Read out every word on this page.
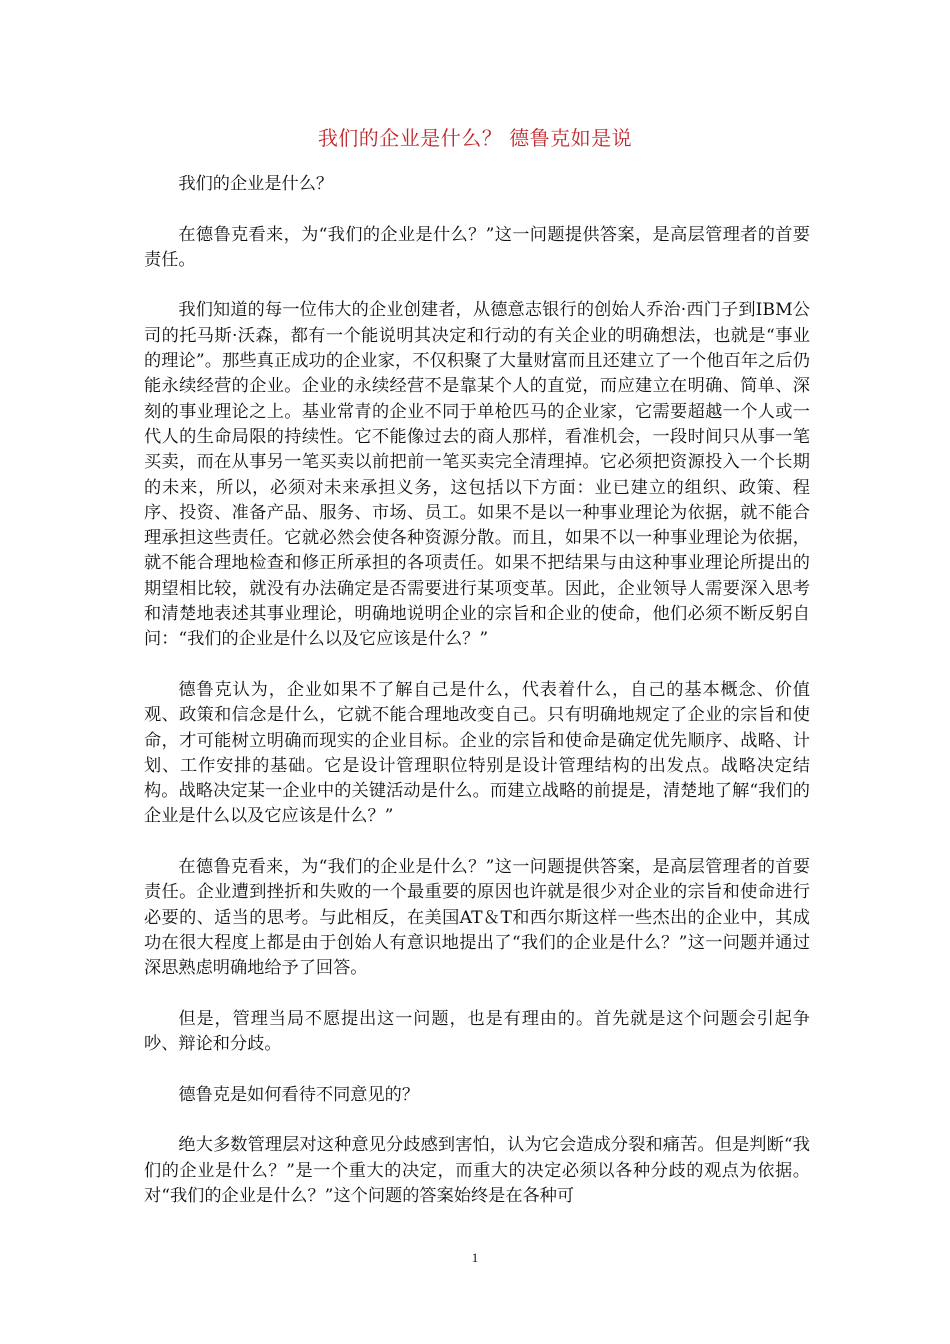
我们的企业是什么？ 德鲁克如是说

我们的企业是什么？

在德鲁克看来，为“我们的企业是什么？”这一问题提供答案，是高层管理者的首要责任。

我们知道的每一位伟大的企业创建者，从德意志银行的创始人乔治·西门子到IBM公司的托马斯·沃森，都有一个能说明其决定和行动的有关企业的明确想法，也就是“事业的理论”。那些真正成功的企业家，不仅积聚了大量财富而且还建立了一个他百年之后仍能永续经营的企业。企业的永续经营不是靠某个人的直觉，而应建立在明确、简单、深刻的事业理论之上。基业常青的企业不同于单枪匹马的企业家，它需要超越一个人或一代人的生命局限的持续性。它不能像过去的商人那样，看准机会，一段时间只从事一笔买卖，而在从事另一笔买卖以前把前一笔买卖完全清理掉。它必须把资源投入一个长期的未来，所以，必须对未来承担义务，这包括以下方面：业已建立的组织、政策、程序、投资、准备产品、服务、市场、员工。如果不是以一种事业理论为依据，就不能合理承担这些责任。它就必然会使各种资源分散。而且，如果不以一种事业理论为依据，就不能合理地检查和修正所承担的各项责任。如果不把结果与由这种事业理论所提出的期望相比较，就没有办法确定是否需要进行某项变革。因此，企业领导人需要深入思考和清楚地表述其事业理论，明确地说明企业的宗旨和企业的使命，他们必须不断反躬自问：“我们的企业是什么以及它应该是什么？”

德鲁克认为，企业如果不了解自己是什么，代表着什么，自己的基本概念、价值观、政策和信念是什么，它就不能合理地改变自己。只有明确地规定了企业的宗旨和使命，才可能树立明确而现实的企业目标。企业的宗旨和使命是确定优先顺序、战略、计划、工作安排的基础。它是设计管理职位特别是设计管理结构的出发点。战略决定结构。战略决定某一企业中的关键活动是什么。而建立战略的前提是，清楚地了解“我们的企业是什么以及它应该是什么？”

在德鲁克看来，为“我们的企业是什么？”这一问题提供答案，是高层管理者的首要责任。企业遭到挫折和失败的一个最重要的原因也许就是很少对企业的宗旨和使命进行必要的、适当的思考。与此相反，在美国AT＆T和西尔斯这样一些杰出的企业中，其成功在很大程度上都是由于创始人有意识地提出了“我们的企业是什么？”这一问题并通过深思熟虑明确地给予了回答。

但是，管理当局不愿提出这一问题，也是有理由的。首先就是这个问题会引起争吵、辩论和分歧。

德鲁克是如何看待不同意见的？

绝大多数管理层对这种意见分歧感到害怕，认为它会造成分裂和痛苦。但是判断“我们的企业是什么？”是一个重大的决定，而重大的决定必须以各种分歧的观点为依据。对“我们的企业是什么？”这个问题的答案始终是在各种可

1
